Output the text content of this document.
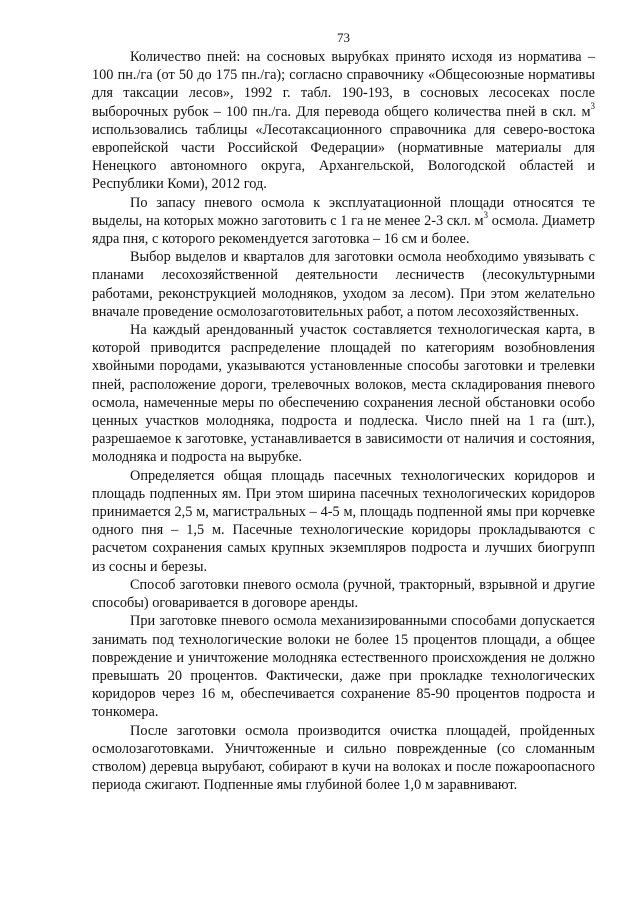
73

Количество пней: на сосновых вырубках принято исходя из норматива – 100 пн./га (от 50 до 175 пн./га); согласно справочнику «Общесоюзные нормативы для таксации лесов», 1992 г. табл. 190-193, в сосновых лесосеках после выборочных рубок – 100 пн./га. Для перевода общего количества пней в скл. $м^3$ использовались таблицы «Лесотаксационного справочника для северо-востока европейской части Российской Федерации» (нормативные материалы для Ненецкого автономного округа, Архангельской, Вологодской областей и Республики Коми), 2012 год.

По запасу пневого осмола к эксплуатационной площади относятся те выделы, на которых можно заготовить с 1 га не менее 2-3 скл. $м^3$ осмола. Диаметр ядра пня, с которого рекомендуется заготовка – 16 см и более.

Выбор выделов и кварталов для заготовки осмола необходимо увязывать с планами лесохозяйственной деятельности лесничеств (лесокультурными работами, реконструкцией молодняков, уходом за лесом). При этом желательно вначале проведение осмолозаготовительных работ, а потом лесохозяйственных.

На каждый арендованный участок составляется технологическая карта, в которой приводится распределение площадей по категориям возобновления хвойными породами, указываются установленные способы заготовки и трелевки пней, расположение дороги, трелевочных волоков, места складирования пневого осмола, намеченные меры по обеспечению сохранения лесной обстановки особо ценных участков молодняка, подроста и подлеска. Число пней на 1 га (шт.), разрешаемое к заготовке, устанавливается в зависимости от наличия и состояния, молодняка и подроста на вырубке.

Определяется общая площадь пасечных технологических коридоров и площадь подпенных ям. При этом ширина пасечных технологических коридоров принимается 2,5 м, магистральных – 4-5 м, площадь подпенной ямы при корчевке одного пня – 1,5 м. Пасечные технологические коридоры прокладываются с расчетом сохранения самых крупных экземпляров подроста и лучших биогрупп из сосны и березы.

Способ заготовки пневого осмола (ручной, тракторный, взрывной и другие способы) оговаривается в договоре аренды.

При заготовке пневого осмола механизированными способами допускается занимать под технологические волоки не более 15 процентов площади, а общее повреждение и уничтожение молодняка естественного происхождения не должно превышать 20 процентов. Фактически, даже при прокладке технологических коридоров через 16 м, обеспечивается сохранение 85-90 процентов подроста и тонкомера.

После заготовки осмола производится очистка площадей, пройденных осмолозаготовками. Уничтоженные и сильно поврежденные (со сломанным стволом) деревца вырубают, собирают в кучи на волоках и после пожароопасного периода сжигают. Подпенные ямы глубиной более 1,0 м заравнивают.
